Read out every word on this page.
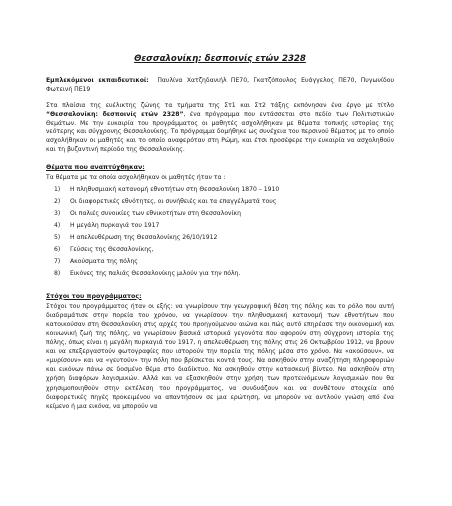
Θεσσαλονίκη: δεσποινίς ετών 2328
Εμπλεκόμενοι εκπαιδευτικοί: Παυλίνα Χατζηδανιήλ ΠΕ70, Γκατζόπουλος Ευάγγελος ΠΕ70, Πυγωνίδου Φωτεινή ΠΕ19
Στα πλαίσια της ευέλικτης ζώνης τα τμήματα της Στ1 και Στ2 τάξης εκπόνησαν ένα έργο με τίτλο “Θεσσαλονίκη: δεσποινίς ετών 2328”, ένα πρόγραμμα που εντάσσεται στο πεδίο των Πολιτιστικών Θεμάτων. Με την ευκαιρία του προγράμματος οι μαθητές ασχολήθηκαν με θέματα τοπικής ιστορίας της νεότερης και σύγχρονης Θεσσαλονίκης. Το πρόγραμμα δομήθηκε ως συνέχεια του περσινού θέματος με το οποίο ασχολήθηκαν οι μαθητές και το οποίο αναφερόταν στη Ρώμη, και έτσι προσέφερε την ευκαιρία να ασχοληθούν και τη βυζαντινή περίοδο της Θεσσαλονίκης.
Θέματα που αναπτύχθηκαν:
Τα θέματα με τα οποία ασχολήθηκαν οι μαθητές ήταν τα :
1) Η πληθυσμιακή κατανομή εθνοτήτων στη Θεσσαλονίκη 1870 – 1910
2) Οι διαφορετικές εθνότητες, οι συνήθειές και τα επαγγέλματά τους
3) Οι παλιές συνοικίες των εθνικοτήτων στη Θεσσαλονίκη
4) Η μεγάλη πυρκαγιά του 1917
5) Η απελευθέρωση της Θεσσαλονίκης 26/10/1912
6) Γεύσεις της Θεσσαλονίκης,
7) Ακούσματα της πόλης
8) Εικόνες της παλιάς Θεσσαλονίκης μιλούν για την πόλη.
Στόχοι του προγράμματος:
Στόχοι του προγράμματος ήταν οι εξής: να γνωρίσουν την γεωγραφική θέση της πόλης και το ρόλο που αυτή διαδραμάτισε στην πορεία του χρόνου, να γνωρίσουν την πληθυσμιακή κατανομή των εθνοτήτων που κατοικούσαν στη Θεσσαλονίκη στις αρχές του προηγούμενου αιώνα και πώς αυτό επηρέασε την οικονομική και κοινωνική ζωή της πόλης, να γνωρίσουν βασικά ιστορικά γεγονότα που αφορούν στη σύγχρονη ιστορία της πόλης, όπως είναι η μεγάλη πυρκαγιά του 1917, η απελευθέρωση της πόλης στις 26 Οκτωβρίου 1912, να βρουν και να επεξεργαστούν φωτογραφίες που ιστορούν την πορεία της πόλης μέσα στο χρόνο. Να «ακούσουν», να «μυρίσουν» και να «γευτούν» την πόλη που βρίσκεται κοντά τους. Να ασκηθούν στην αναζήτηση πληροφοριών και εικόνων πάνω σε δοσμένο θέμα στο διαδίκτυο. Να ασκηθούν στην κατασκευή βίντεο. Να ασκηθούν στη χρήση διαφόρων λογισμικών. Αλλά και να εξασκηθούν στην χρήση των προτεινόμενων λογισμικών που θα χρησιμοποιηθούν στην εκτέλεση του προγράμματος, να συνδυάζουν και να συνθέτουν στοιχεία από διαφορετικές πηγές προκειμένου να απαντήσουν σε μια ερώτηση, να μπορούν να αντλούν γνώση από ένα κείμενο ή μια εικόνα, να μπορούν να
